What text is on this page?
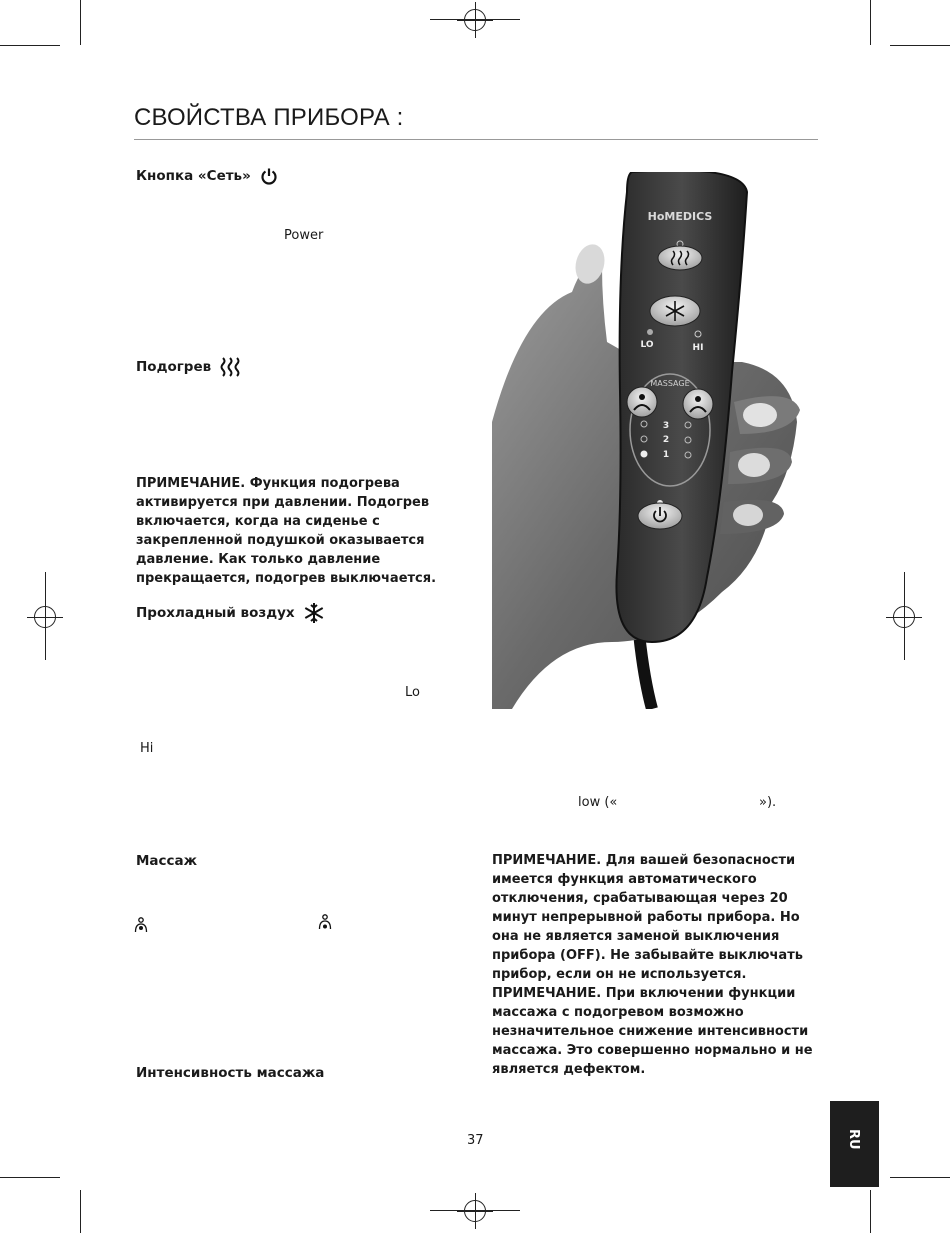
СВОЙСТВА ПРИБОРА :
Кнопка «Сеть»
Power
Подогрев
ПРИМЕЧАНИЕ. Функция подогрева активируется при давлении. Подогрев включается, когда на сиденье с закрепленной подушкой оказывается давление. Как только давление прекращается, подогрев выключается.
Прохладный воздух
Lo
Hi
low («	»).
Массаж
Интенсивность массажа
ПРИМЕЧАНИЕ. Для вашей безопасности имеется функция автоматического отключения, срабатывающая через 20 минут непрерывной работы прибора. Но она не является заменой выключения прибора (OFF). Не забывайте выключать прибор, если он не используется.
ПРИМЕЧАНИЕ. При включении функции массажа с подогревом возможно незначительное снижение интенсивности массажа. Это совершенно нормально и не является дефектом.
HoMEDICS
LO	HI
MASSAGE
3
2
1
RU
37
